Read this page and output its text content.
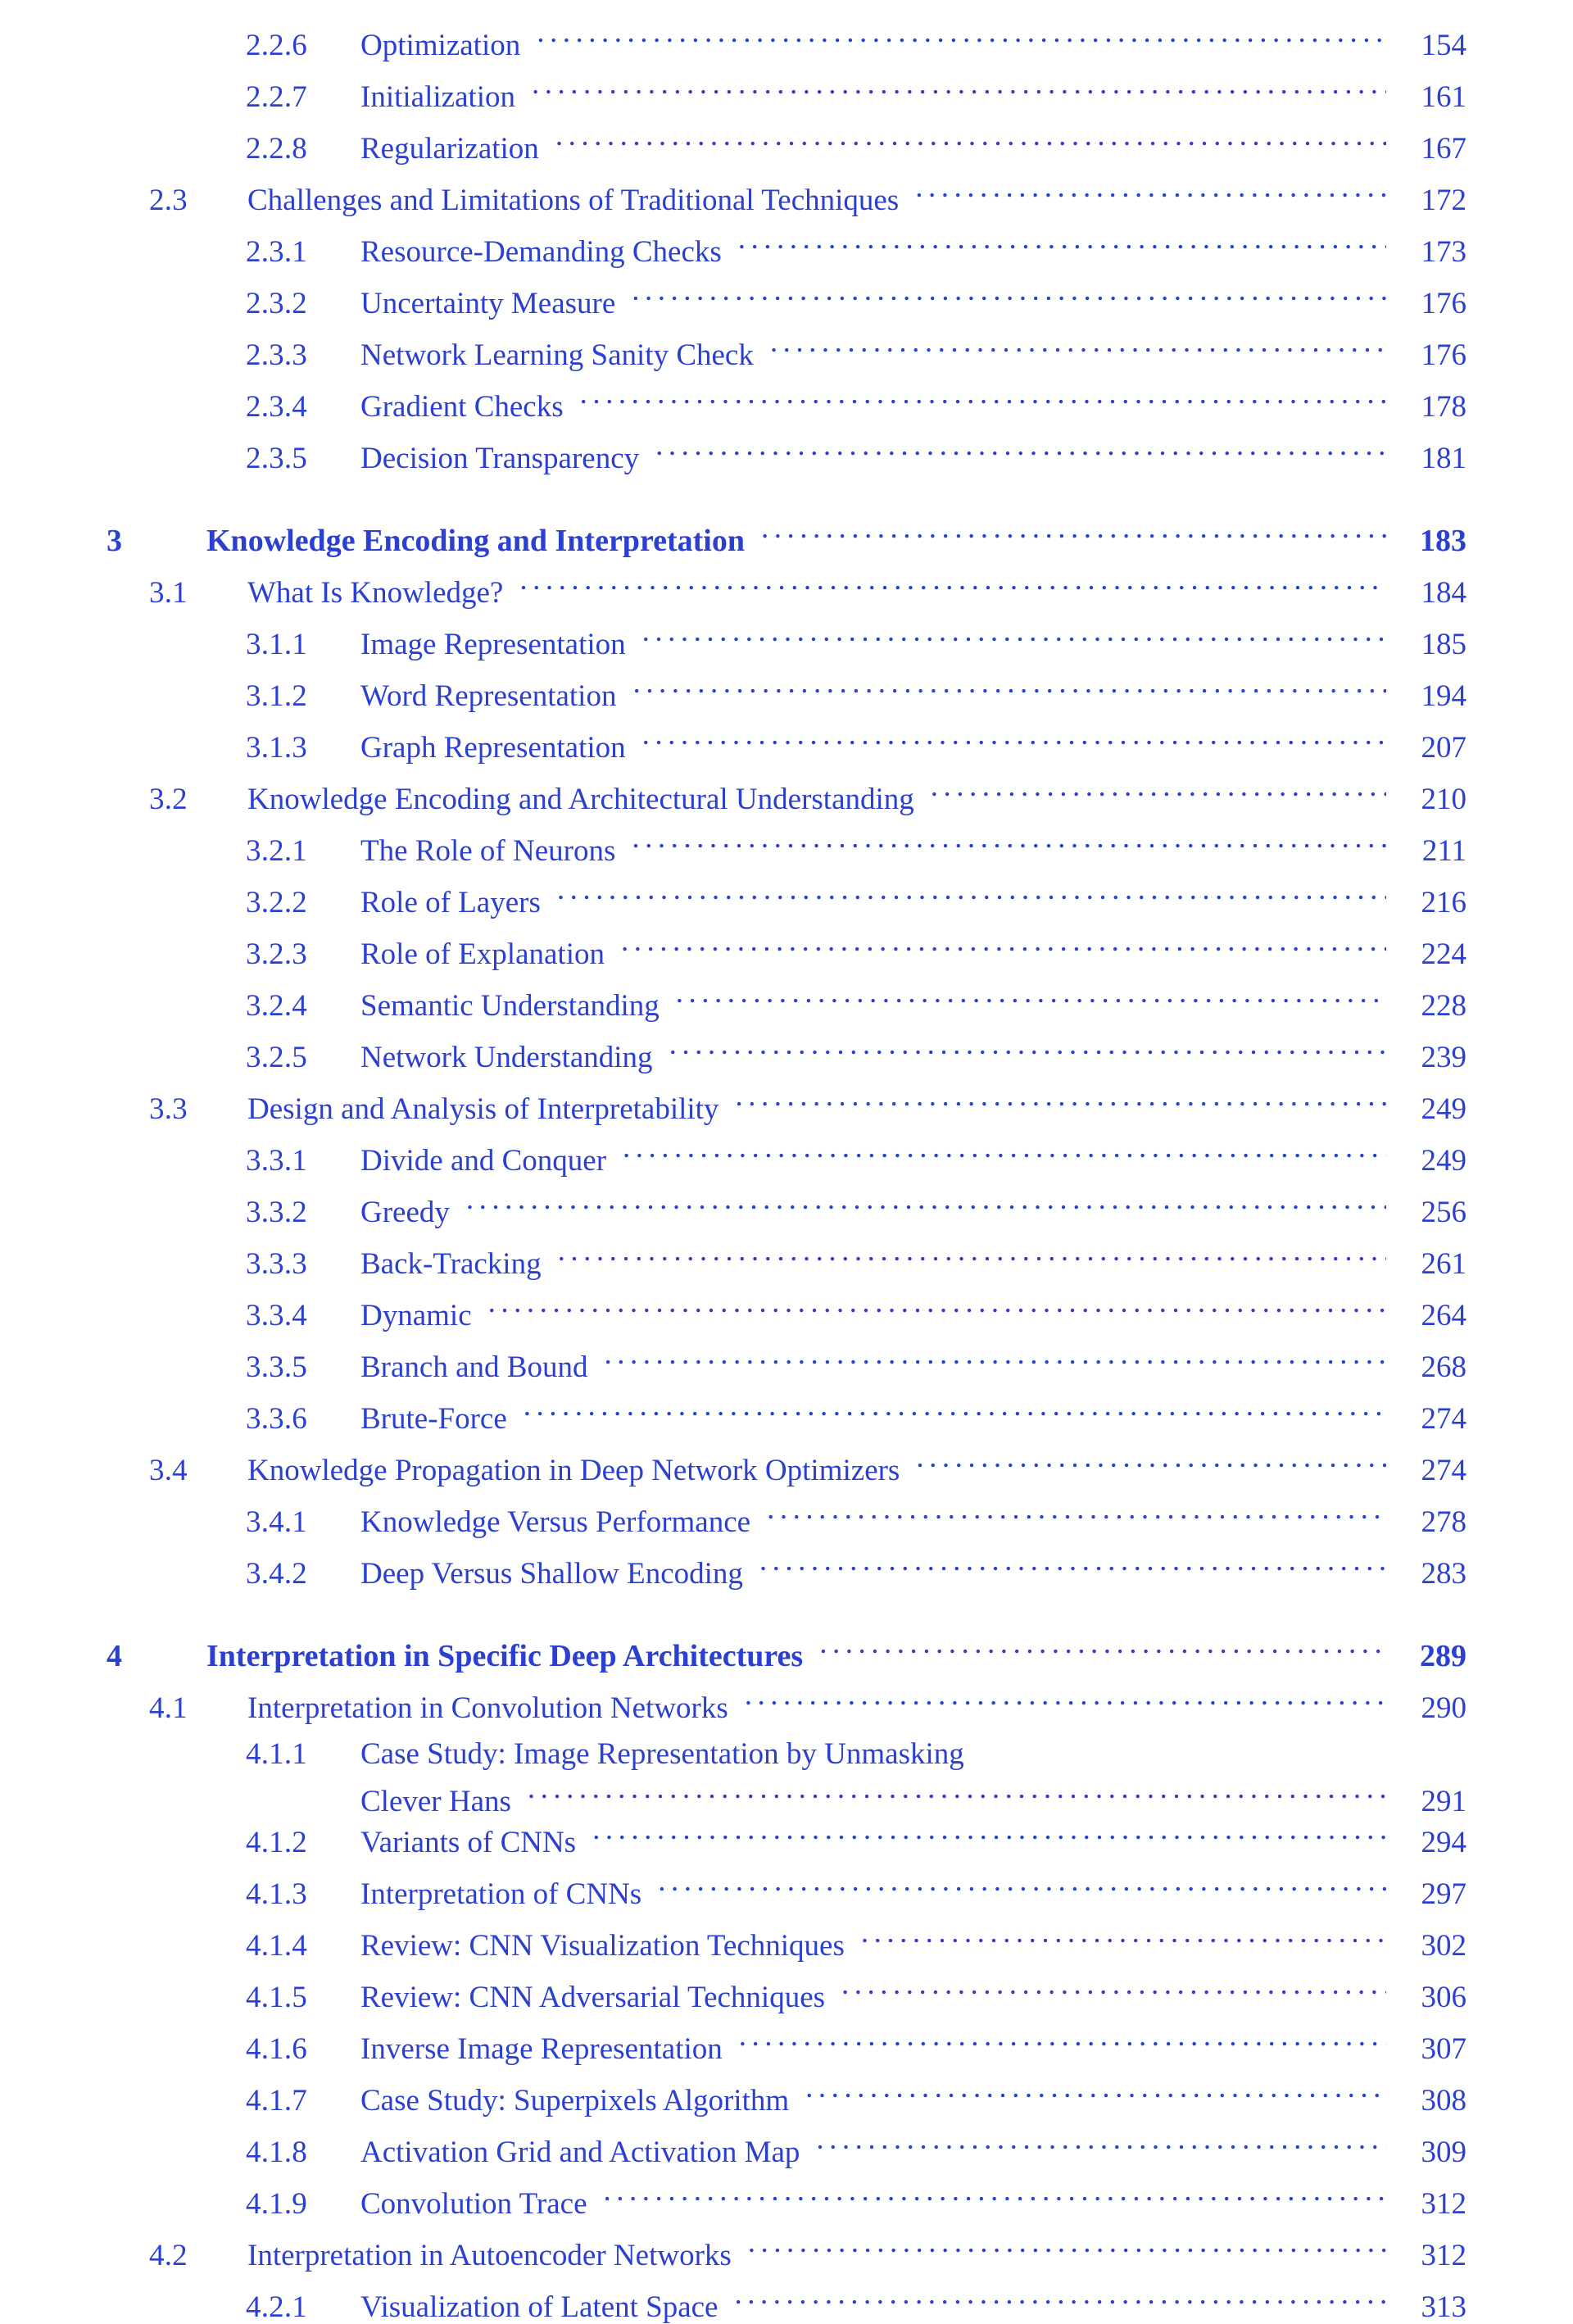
2.2.6	Optimization .....	154
2.2.7	Initialization .....	161
2.2.8	Regularization .....	167
2.3	Challenges and Limitations of Traditional Techniques .....	172
2.3.1	Resource-Demanding Checks .....	173
2.3.2	Uncertainty Measure .....	176
2.3.3	Network Learning Sanity Check .....	176
2.3.4	Gradient Checks .....	178
2.3.5	Decision Transparency .....	181
3	Knowledge Encoding and Interpretation .....	183
3.1	What Is Knowledge? .....	184
3.1.1	Image Representation .....	185
3.1.2	Word Representation .....	194
3.1.3	Graph Representation .....	207
3.2	Knowledge Encoding and Architectural Understanding .....	210
3.2.1	The Role of Neurons .....	211
3.2.2	Role of Layers .....	216
3.2.3	Role of Explanation .....	224
3.2.4	Semantic Understanding .....	228
3.2.5	Network Understanding .....	239
3.3	Design and Analysis of Interpretability .....	249
3.3.1	Divide and Conquer .....	249
3.3.2	Greedy .....	256
3.3.3	Back-Tracking .....	261
3.3.4	Dynamic .....	264
3.3.5	Branch and Bound .....	268
3.3.6	Brute-Force .....	274
3.4	Knowledge Propagation in Deep Network Optimizers .....	274
3.4.1	Knowledge Versus Performance .....	278
3.4.2	Deep Versus Shallow Encoding .....	283
4	Interpretation in Specific Deep Architectures .....	289
4.1	Interpretation in Convolution Networks .....	290
4.1.1	Case Study: Image Representation by Unmasking
Clever Hans .....	291
4.1.2	Variants of CNNs .....	294
4.1.3	Interpretation of CNNs .....	297
4.1.4	Review: CNN Visualization Techniques .....	302
4.1.5	Review: CNN Adversarial Techniques .....	306
4.1.6	Inverse Image Representation .....	307
4.1.7	Case Study: Superpixels Algorithm .....	308
4.1.8	Activation Grid and Activation Map .....	309
4.1.9	Convolution Trace .....	312
4.2	Interpretation in Autoencoder Networks .....	312
4.2.1	Visualization of Latent Space .....	313
